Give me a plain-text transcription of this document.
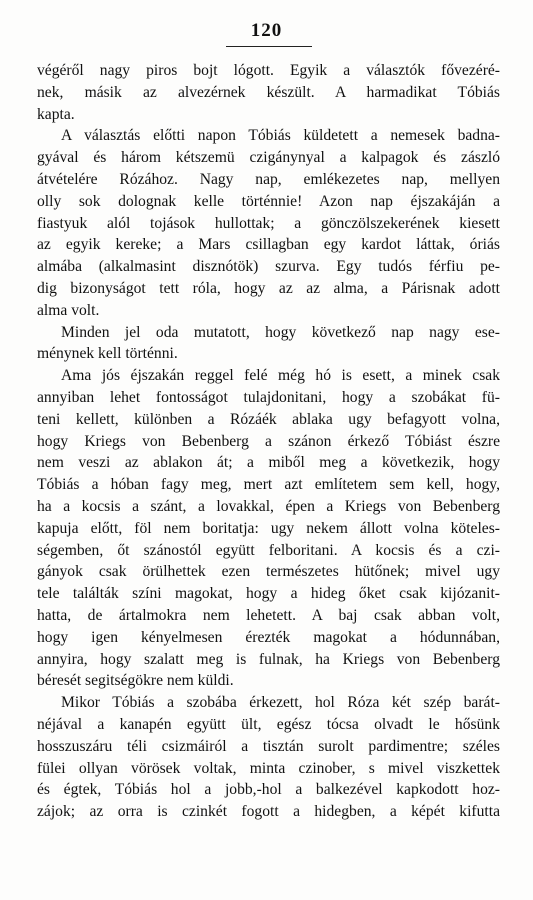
120
végéről nagy piros bojt lógott. Egyik a választók fővezéré-
nek, másik az alvezérnek készült. A harmadikat Tóbiás
kapta.
A választás előtti napon Tóbiás küldetett a nemesek badna-
gyával és három kétszemü czigánynyal a kalpagok és zászló
átvételére Rózához. Nagy nap, emlékezetes nap, mellyen
olly sok dolognak kelle történnie! Azon nap éjszakáján a
fiastyuk alól tojások hullottak; a gönczölszekerének kiesett
az egyik kereke; a Mars csillagban egy kardot láttak, óriás
almába (alkalmasint disznótök) szurva. Egy tudós férfiu pe-
dig bizonyságot tett róla, hogy az az alma, a Párisnak adott
alma volt.
Minden jel oda mutatott, hogy következő nap nagy ese-
ménynek kell történni.
Ama jós éjszakán reggel felé még hó is esett, a minek csak
annyiban lehet fontosságot tulajdonitani, hogy a szobákat fü-
teni kellett, különben a Rózáék ablaka ugy befagyott volna,
hogy Kriegs von Bebenberg a szánon érkező Tóbiást észre
nem veszi az ablakon át; a miből meg a következik, hogy
Tóbiás a hóban fagy meg, mert azt említetem sem kell, hogy,
ha a kocsis a szánt, a lovakkal, épen a Kriegs von Bebenberg
kapuja előtt, föl nem boritatja: ugy nekem állott volna köteles-
ségemben, őt szánostól együtt felboritani. A kocsis és a czi-
gányok csak örülhettek ezen természetes hütőnek; mivel ugy
tele találták színi magokat, hogy a hideg őket csak kijózanit-
hatta, de ártalmokra nem lehetett. A baj csak abban volt,
hogy igen kényelmesen érezték magokat a hódunnában,
annyira, hogy szalatt meg is fulnak, ha Kriegs von Bebenberg
béresét segitségökre nem küldi.
Mikor Tóbiás a szobába érkezett, hol Róza két szép barát-
néjával a kanapén együtt ült, egész tócsa olvadt le hősünk
hosszuszáru téli csizmáiról a tisztán surolt pardimentre; széles
fülei ollyan vörösek voltak, minta czinober, s mivel viszkettek
és égtek, Tóbiás hol a jobb,-hol a balkezével kapkodott hoz-
zájok; az orra is czinkét fogott a hidegben, a képét kifutta
